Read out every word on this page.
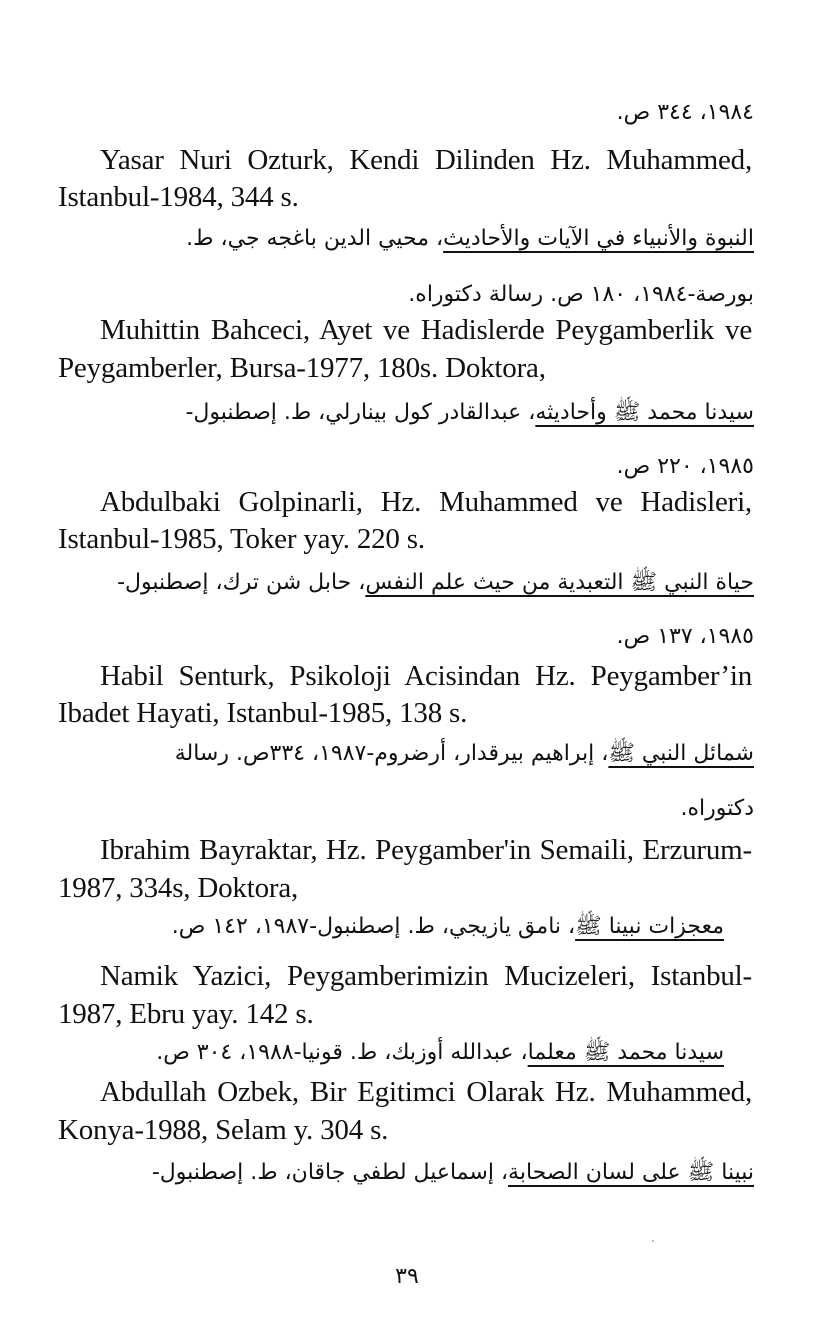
١٩٨٤، ٣٤٤ ص.
Yasar Nuri Ozturk, Kendi Dilinden Hz. Muhammed,
Istanbul-1984, 344 s.
النبوة والأنبياء في الآيات والأحاديث، محيي الدين باغجه جي، ط.
بورصة-١٩٨٤، ١٨٠ ص. رسالة دكتوراه.
Muhittin Bahceci, Ayet ve Hadislerde Peygamberlik ve
Peygamberler, Bursa-1977, 180s. Doktora,
سيدنا محمد ﷺ وأحاديثه، عبدالقادر كول بينارلي، ط. إصطنبول-
١٩٨٥، ٢٢٠ ص.
Abdulbaki Golpinarli, Hz. Muhammed ve Hadisleri,
Istanbul-1985, Toker yay. 220 s.
حياة النبي ﷺ التعبدية من حيث علم النفس، حابل شن ترك، إصطنبول-
١٩٨٥، ١٣٧ ص.
Habil Senturk, Psikoloji Acisindan Hz. Peygamber’in
Ibadet Hayati, Istanbul-1985, 138 s.
شمائل النبي ﷺ، إبراهيم بيرقدار، أرضروم-١٩٨٧، ٣٣٤ص. رسالة
دكتوراه.
Ibrahim Bayraktar, Hz. Peygamber'in Semaili, Erzurum-
1987, 334s, Doktora,
معجزات نبينا ﷺ، نامق يازيجي، ط. إصطنبول-١٩٨٧، ١٤٢ ص.
Namik Yazici, Peygamberimizin Mucizeleri, Istanbul-
1987, Ebru yay. 142 s.
سيدنا محمد ﷺ معلما، عبدالله أوزبك، ط. قونيا-١٩٨٨، ٣٠٤ ص.
Abdullah Ozbek, Bir Egitimci Olarak Hz. Muhammed,
Konya-1988, Selam y. 304 s.
نبينا ﷺ على لسان الصحابة، إسماعيل لطفي جاقان، ط. إصطنبول-
٣٩
